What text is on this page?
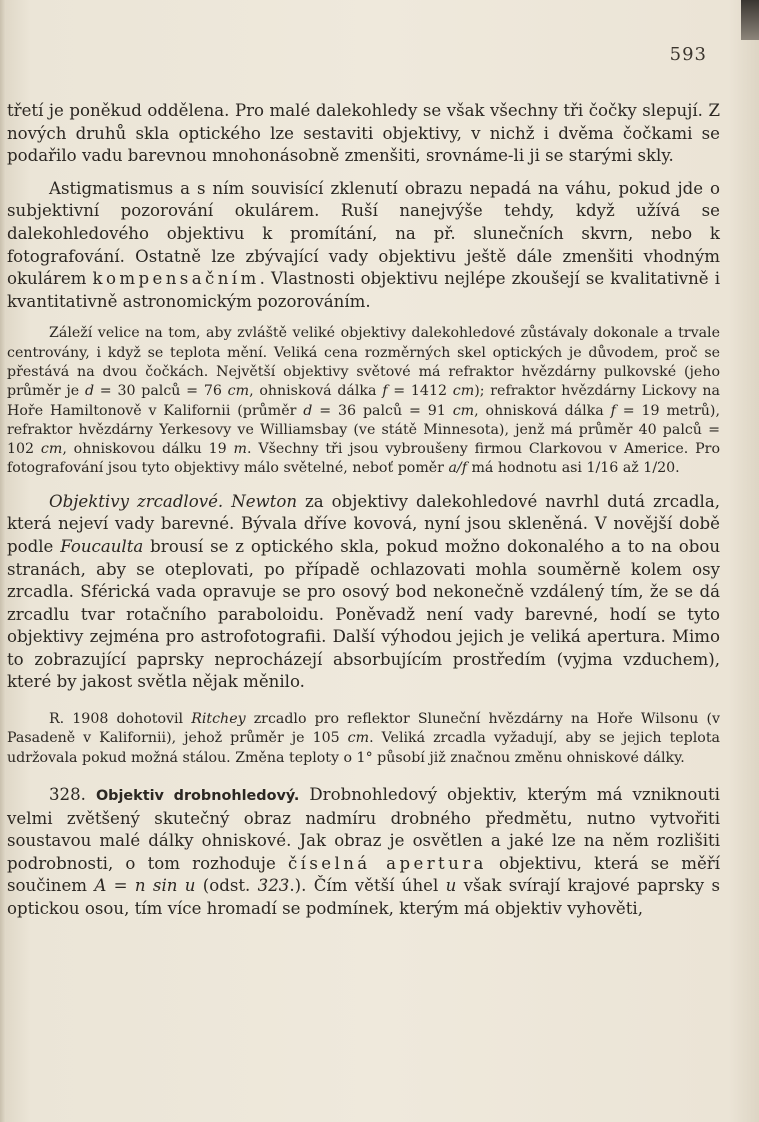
593

třetí je poněkud oddělena. Pro malé dalekohledy se však všechny tři čočky slepují. Z nových druhů skla optického lze sestaviti objektivy, v nichž i dvěma čočkami se podařilo vadu barevnou mnohonásobně zmenšiti, srovnáme-li ji se starými skly.

Astigmatismus a s ním souvisící zklenutí obrazu nepadá na váhu, pokud jde o subjektivní pozorování okulárem. Ruší nanejvýše tehdy, když užívá se dalekohledového objektivu k promítání, na př. slunečních skvrn, nebo k fotografování. Ostatně lze zbývající vady objektivu ještě dále zmenšiti vhodným okulárem kompensačním. Vlastnosti objektivu nejlépe zkoušejí se kvalitativně i kvantitativně astronomickým pozorováním.

Záleží velice na tom, aby zvláště veliké objektivy dalekohledové zůstávaly dokonale a trvale centrovány, i když se teplota mění. Veliká cena rozměrných skel optických je důvodem, proč se přestává na dvou čočkách. Největší objektivy světové má refraktor hvězdárny pulkovské (jeho průměr je d = 30 palců = 76 cm, ohnisková dálka f = 1412 cm); refraktor hvězdárny Lickovy na Hoře Hamiltonově v Kalifornii (průměr d = 36 palců = 91 cm, ohnisková dálka f = 19 metrů), refraktor hvězdárny Yerkesovy ve Williamsbay (ve státě Minnesota), jenž má průměr 40 palců = 102 cm, ohniskovou dálku 19 m. Všechny tři jsou vybroušeny firmou Clarkovou v Americe. Pro fotografování jsou tyto objektivy málo světelné, neboť poměr a/f má hodnotu asi 1/16 až 1/20.

Objektivy zrcadlové. Newton za objektivy dalekohledové navrhl dutá zrcadla, která nejeví vady barevné. Bývala dříve kovová, nyní jsou skleněná. V novější době podle Foucaulta brousí se z optického skla, pokud možno dokonalého a to na obou stranách, aby se oteplovati, po případě ochlazovati mohla souměrně kolem osy zrcadla. Sférická vada opravuje se pro osový bod nekonečně vzdálený tím, že se dá zrcadlu tvar rotačního paraboloidu. Poněvadž není vady barevné, hodí se tyto objektivy zejména pro astrofotografii. Další výhodou jejich je veliká apertura. Mimo to zobrazující paprsky neprocházejí absorbujícím prostředím (vyjma vzduchem), které by jakost světla nějak měnilo.

R. 1908 dohotovil Ritchey zrcadlo pro reflektor Sluneční hvězdárny na Hoře Wilsonu (v Pasadeně v Kalifornii), jehož průměr je 105 cm. Veliká zrcadla vyžadují, aby se jejich teplota udržovala pokud možná stálou. Změna teploty o 1° působí již značnou změnu ohniskové dálky.

328. Objektiv drobnohledový. Drobnohledový objektiv, kterým má vzniknouti velmi zvětšený skutečný obraz nadmíru drobného předmětu, nutno vytvořiti soustavou malé dálky ohniskové. Jak obraz je osvětlen a jaké lze na něm rozlišiti podrobnosti, o tom rozhoduje číselná apertura objektivu, která se měří součinem A = n sin u (odst. 323.). Čím větší úhel u však svírají krajové paprsky s optickou osou, tím více hromadí se podmínek, kterým má objektiv vyhověti,
